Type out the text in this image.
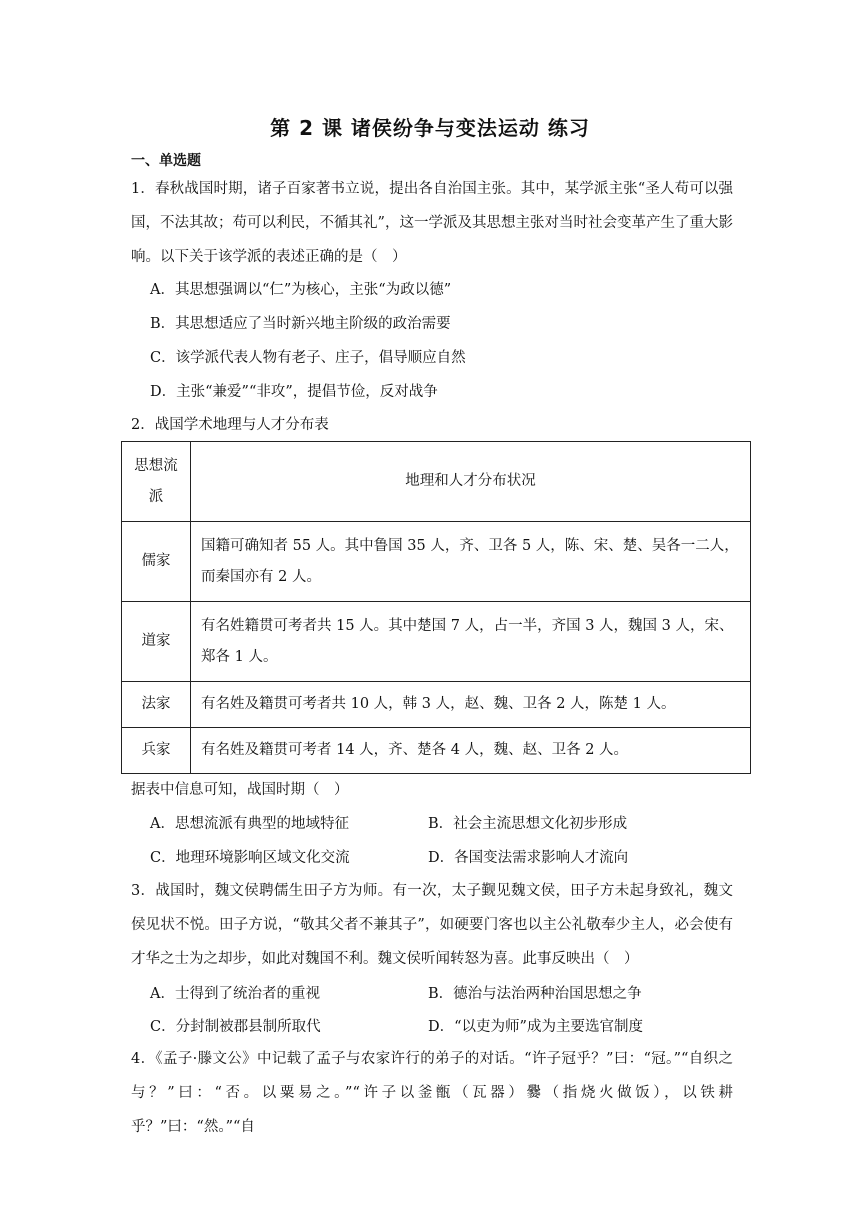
第 2 课 诸侯纷争与变法运动 练习
一、单选题
1．春秋战国时期，诸子百家著书立说，提出各自治国主张。其中，某学派主张“圣人苟可以强国，不法其故；苟可以利民，不循其礼”，这一学派及其思想主张对当时社会变革产生了重大影响。以下关于该学派的表述正确的是（　）
A．其思想强调以“仁”为核心，主张“为政以德”
B．其思想适应了当时新兴地主阶级的政治需要
C．该学派代表人物有老子、庄子，倡导顺应自然
D．主张“兼爱”“非攻”，提倡节俭，反对战争
2．战国学术地理与人才分布表
思想流派	地理和人才分布状况
儒家	国籍可确知者 55 人。其中鲁国 35 人，齐、卫各 5 人，陈、宋、楚、吴各一二人，而秦国亦有 2 人。
道家	有名姓籍贯可考者共 15 人。其中楚国 7 人，占一半，齐国 3 人，魏国 3 人，宋、郑各 1 人。
法家	有名姓及籍贯可考者共 10 人，韩 3 人，赵、魏、卫各 2 人，陈楚 1 人。
兵家	有名姓及籍贯可考者 14 人，齐、楚各 4 人，魏、赵、卫各 2 人。
据表中信息可知，战国时期（　）
A．思想流派有典型的地域特征	B．社会主流思想文化初步形成
C．地理环境影响区域文化交流	D．各国变法需求影响人才流向
3．战国时，魏文侯聘儒生田子方为师。有一次，太子觐见魏文侯，田子方未起身致礼，魏文侯见状不悦。田子方说，“敬其父者不兼其子”，如硬要门客也以主公礼敬奉少主人，必会使有才华之士为之却步，如此对魏国不利。魏文侯听闻转怒为喜。此事反映出（　）
A．士得到了统治者的重视	B．德治与法治两种治国思想之争
C．分封制被郡县制所取代	D．“以吏为师”成为主要选官制度
4．《孟子·滕文公》中记载了孟子与农家许行的弟子的对话。“许子冠乎？”曰：“冠。”“自织之与？”曰：“否。以粟易之。”“许子以釜甑（瓦器）爨（指烧火做饭），以铁耕乎？”曰：“然。”“自
